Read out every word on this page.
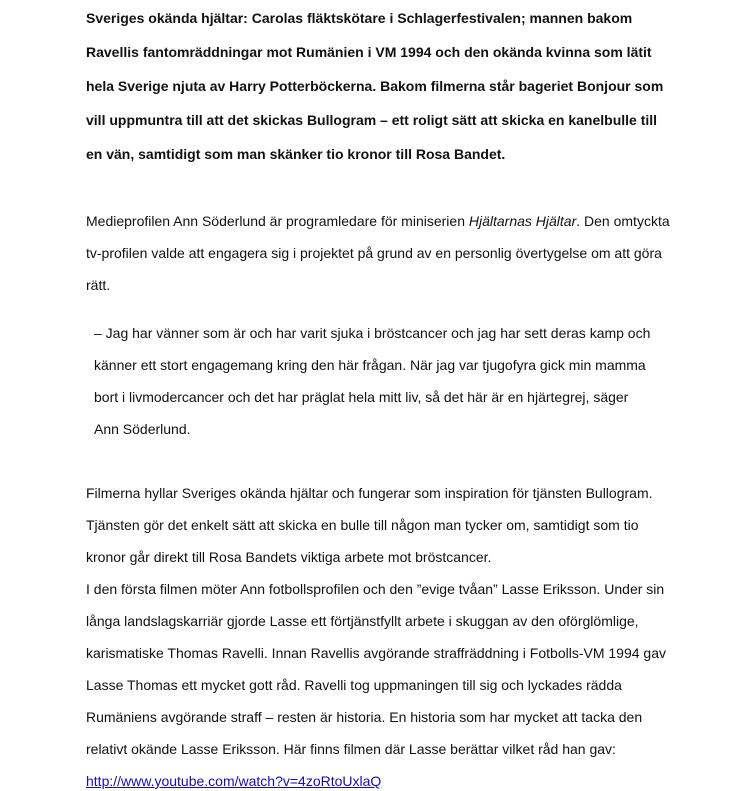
Sveriges okända hjältar: Carolas fläktskötare i Schlagerfestivalen; mannen bakom

Ravellis fantomräddningar mot Rumänien i VM 1994 och den okända kvinna som lätit

hela Sverige njuta av Harry Potterböckerna. Bakom filmerna står bageriet Bonjour som

vill uppmuntra till att det skickas Bullogram – ett roligt sätt att skicka en kanelbulle till

en vän, samtidigt som man skänker tio kronor till Rosa Bandet.

Medieprofilen Ann Söderlund är programledare för miniserien Hjältarnas Hjältar. Den omtyckta

tv-profilen valde att engagera sig i projektet på grund av en personlig övertygelse om att göra

rätt.

– Jag har vänner som är och har varit sjuka i bröstcancer och jag har sett deras kamp och

känner ett stort engagemang kring den här frågan. När jag var tjugofyra gick min mamma

bort i livmodercancer och det har präglat hela mitt liv, så det här är en hjärtegrej, säger

Ann Söderlund.

Filmerna hyllar Sveriges okända hjältar och fungerar som inspiration för tjänsten Bullogram.

Tjänsten gör det enkelt sätt att skicka en bulle till någon man tycker om, samtidigt som tio

kronor går direkt till Rosa Bandets viktiga arbete mot bröstcancer.

I den första filmen möter Ann fotbollsprofilen och den ”evige tvåan” Lasse Eriksson. Under sin

långa landslagskarriär gjorde Lasse ett förtjänstfyllt arbete i skuggan av den oförglömlige,

karismatiske Thomas Ravelli. Innan Ravellis avgörande straffräddning i Fotbolls-VM 1994 gav

Lasse Thomas ett mycket gott råd. Ravelli tog uppmaningen till sig och lyckades rädda

Rumäniens avgörande straff – resten är historia. En historia som har mycket att tacka den

relativt okände Lasse Eriksson. Här finns filmen där Lasse berättar vilket råd han gav:

http://www.youtube.com/watch?v=4zoRtoUxlaQ
